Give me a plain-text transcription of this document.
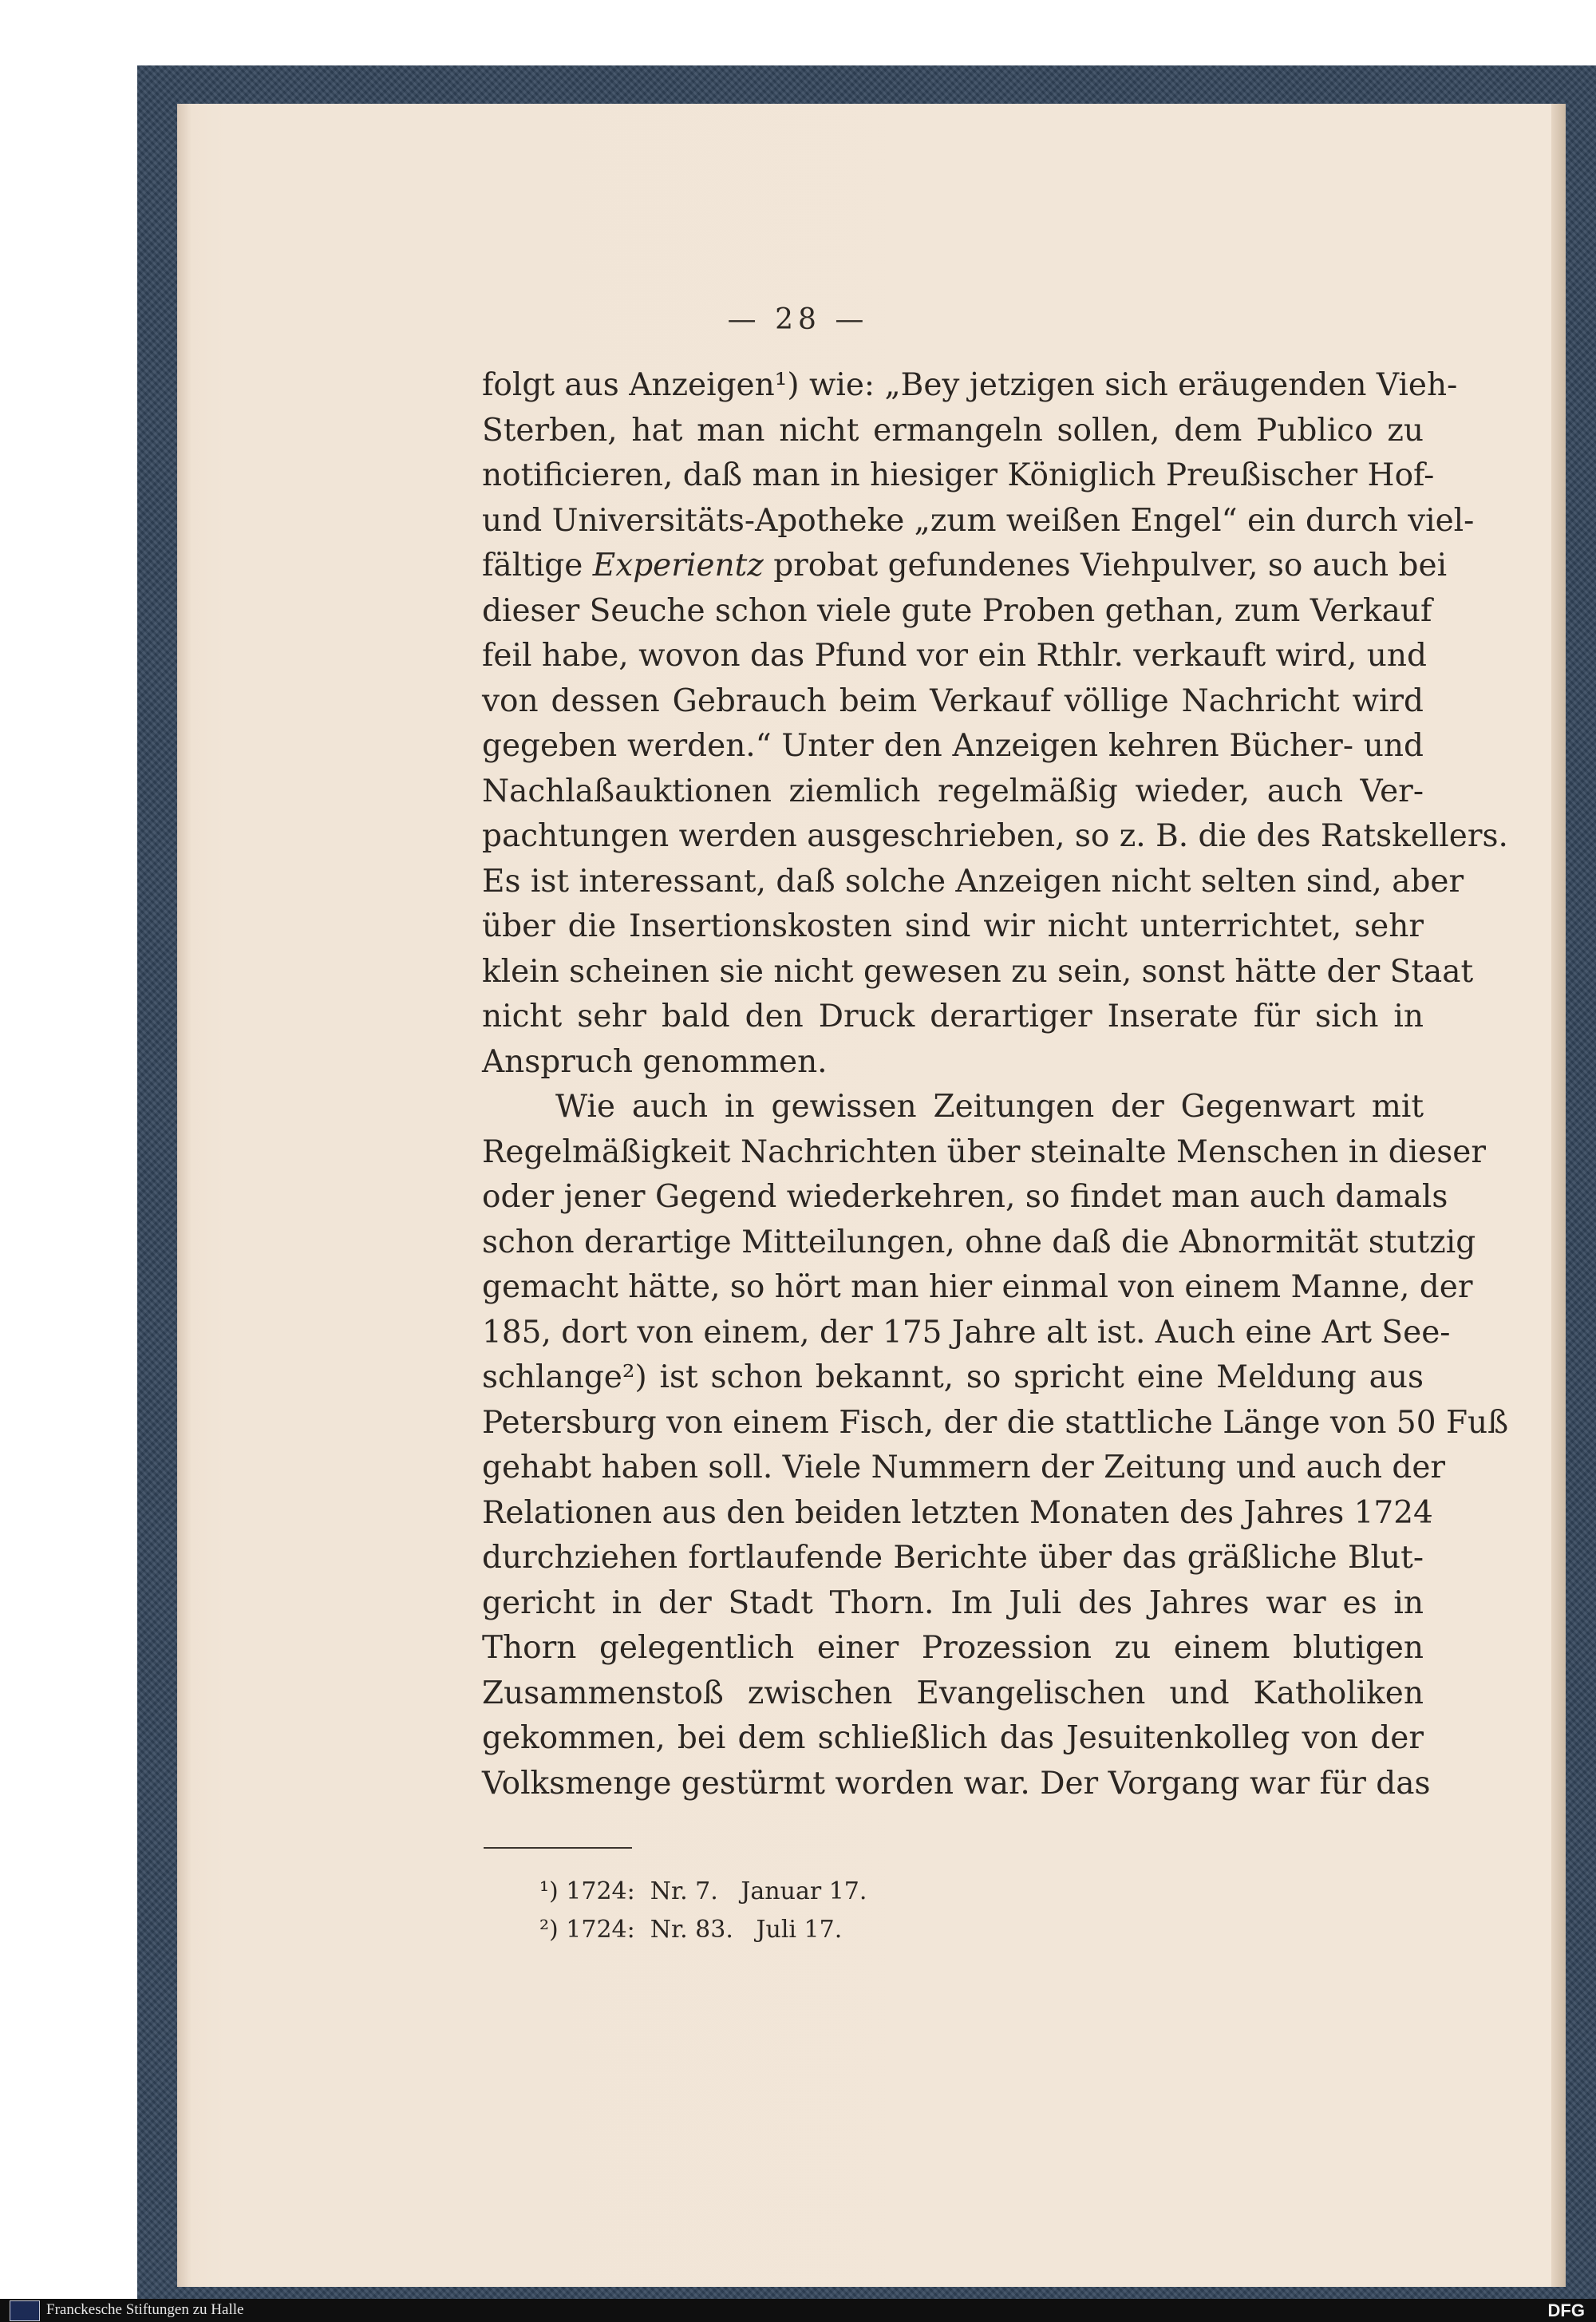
— 28 —

folgt aus Anzeigen¹) wie: „Bey jetzigen sich eräugenden Vieh-
Sterben, hat man nicht ermangeln sollen, dem Publico zu
notificieren, daß man in hiesiger Königlich Preußischer Hof-
und Universitäts-Apotheke „zum weißen Engel“ ein durch viel-
fältige Experientz probat gefundenes Viehpulver, so auch bei
dieser Seuche schon viele gute Proben gethan, zum Verkauf
feil habe, wovon das Pfund vor ein Rthlr. verkauft wird, und
von dessen Gebrauch beim Verkauf völlige Nachricht wird
gegeben werden.“ Unter den Anzeigen kehren Bücher- und
Nachlaßauktionen ziemlich regelmäßig wieder, auch Ver-
pachtungen werden ausgeschrieben, so z. B. die des Ratskellers.
Es ist interessant, daß solche Anzeigen nicht selten sind, aber
über die Insertionskosten sind wir nicht unterrichtet, sehr
klein scheinen sie nicht gewesen zu sein, sonst hätte der Staat
nicht sehr bald den Druck derartiger Inserate für sich in
Anspruch genommen.

Wie auch in gewissen Zeitungen der Gegenwart mit
Regelmäßigkeit Nachrichten über steinalte Menschen in dieser
oder jener Gegend wiederkehren, so findet man auch damals
schon derartige Mitteilungen, ohne daß die Abnormität stutzig
gemacht hätte, so hört man hier einmal von einem Manne, der
185, dort von einem, der 175 Jahre alt ist. Auch eine Art See-
schlange²) ist schon bekannt, so spricht eine Meldung aus
Petersburg von einem Fisch, der die stattliche Länge von 50 Fuß
gehabt haben soll. Viele Nummern der Zeitung und auch der
Relationen aus den beiden letzten Monaten des Jahres 1724
durchziehen fortlaufende Berichte über das gräßliche Blut-
gericht in der Stadt Thorn. Im Juli des Jahres war es in
Thorn gelegentlich einer Prozession zu einem blutigen
Zusammenstoß zwischen Evangelischen und Katholiken
gekommen, bei dem schließlich das Jesuitenkolleg von der
Volksmenge gestürmt worden war. Der Vorgang war für das

¹) 1724:  Nr. 7.   Januar 17.
²) 1724:  Nr. 83.   Juli 17.
Franckesche Stiftungen zu Halle	DFG
